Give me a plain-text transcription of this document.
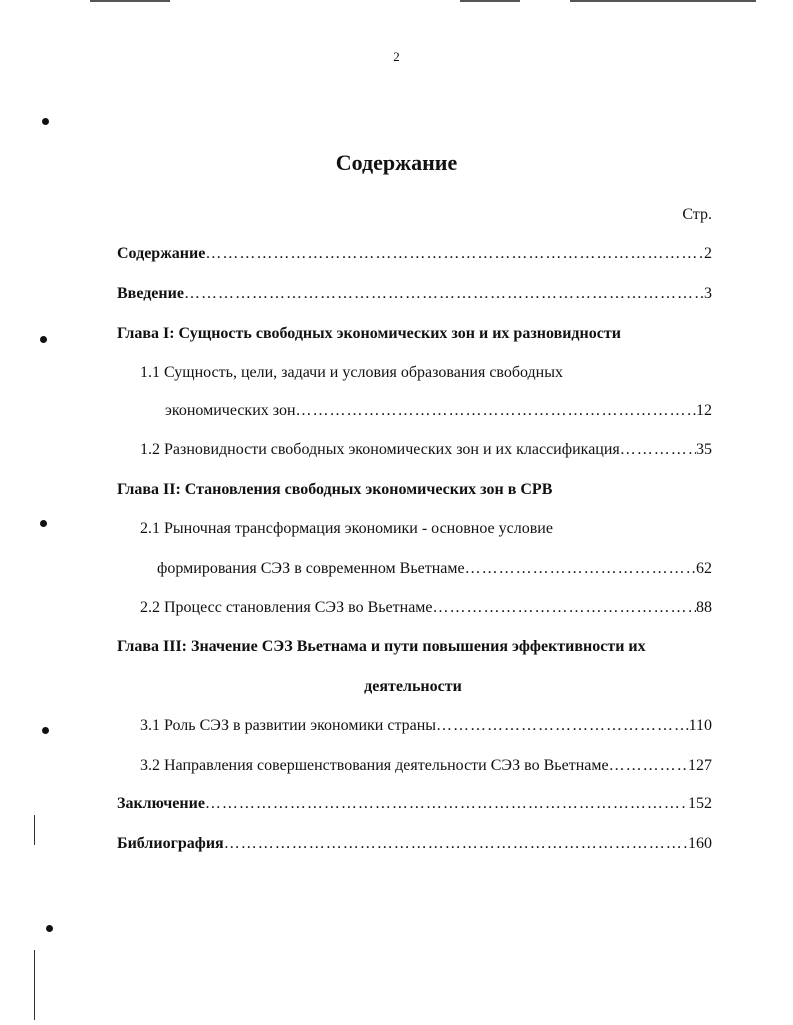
2
Содержание
Стр.
Содержание ……………………………………………………………………………………………………………………………………	2
Введение ……………………………………………………………………………………………………………………………………	3
Глава I: Сущность свободных экономических зон и их разновидности
1.1 Сущность, цели, задачи и условия образования свободных
экономических зон ……………………………………………………………………………………………………………………………………	12
1.2 Разновидности свободных экономических зон и их классификация ……………………………………………………………………………………………………………………………………	35
Глава II: Становления свободных экономических зон в СРВ
2.1 Рыночная трансформация экономики - основное условие
формирования СЭЗ в современном Вьетнаме ……………………………………………………………………………………………………………………………………	62
2.2 Процесс становления СЭЗ во Вьетнаме ……………………………………………………………………………………………………………………………………	88
Глава III: Значение СЭЗ Вьетнама и пути повышения эффективности их
деятельности
3.1 Роль СЭЗ в развитии экономики страны ……………………………………………………………………………………………………………………………………	110
3.2 Направления совершенствования деятельности СЭЗ во Вьетнаме ……………………………………………………………………………………………………………………………………	127
Заключение ……………………………………………………………………………………………………………………………………	152
Библиография ……………………………………………………………………………………………………………………………………	160
